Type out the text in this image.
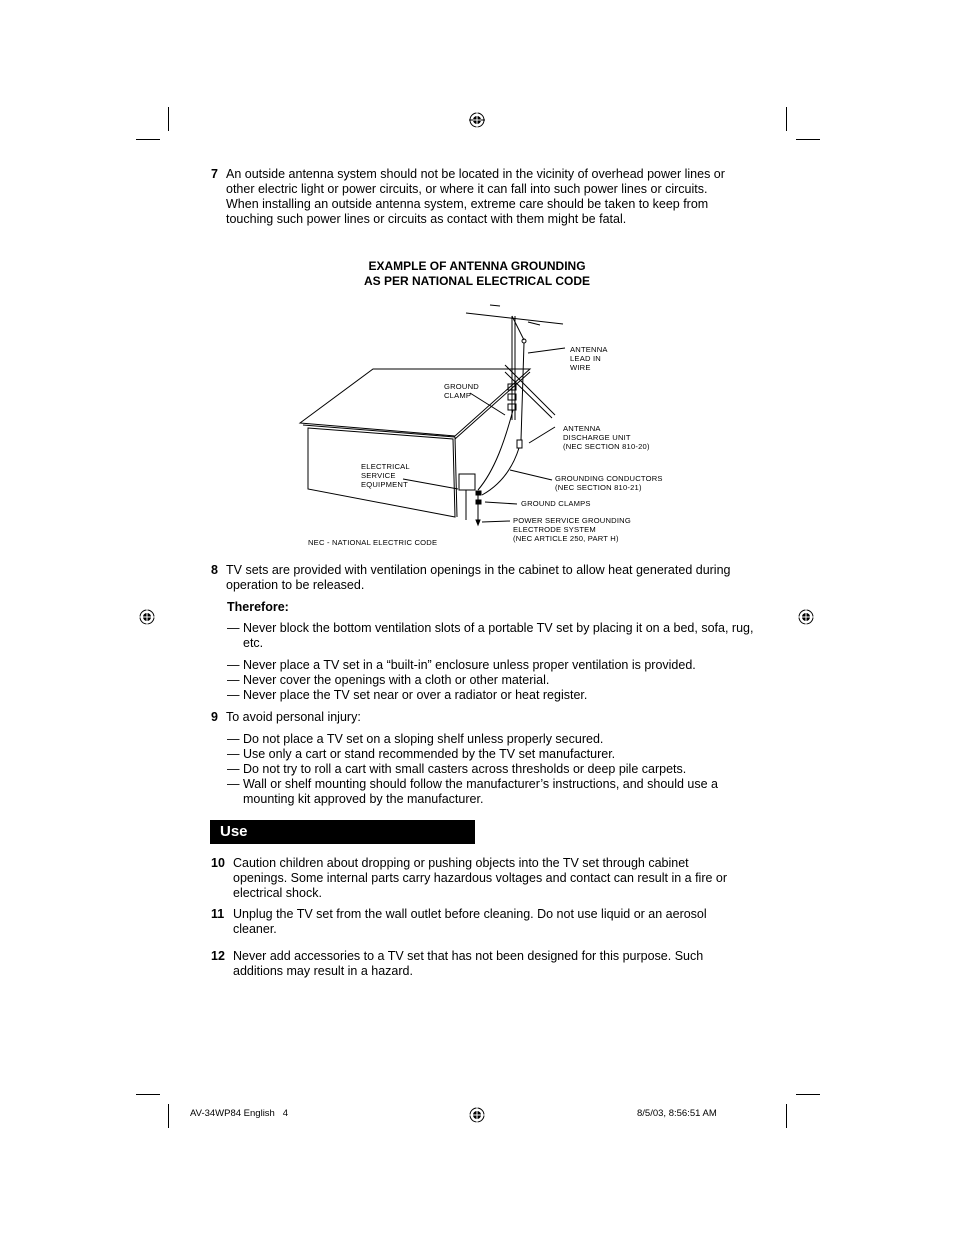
7 An outside antenna system should not be located in the vicinity of overhead power lines or other electric light or power circuits, or where it can fall into such power lines or circuits. When installing an outside antenna system, extreme care should be taken to keep from touching such power lines or circuits as contact with them might be fatal.
EXAMPLE OF ANTENNA GROUNDING
AS PER NATIONAL ELECTRICAL CODE
ANTENNA
LEAD IN
WIRE
GROUND
CLAMP
ANTENNA
DISCHARGE UNIT
(NEC SECTION 810-20)
ELECTRICAL
SERVICE
EQUIPMENT
GROUNDING CONDUCTORS
(NEC SECTION 810-21)
GROUND CLAMPS
POWER SERVICE GROUNDING
ELECTRODE SYSTEM
(NEC ARTICLE 250, PART H)
NEC - NATIONAL ELECTRIC CODE
8 TV sets are provided with ventilation openings in the cabinet to allow heat generated during operation to be released.
Therefore:
— Never block the bottom ventilation slots of a portable TV set by placing it on a bed, sofa, rug, etc.
— Never place a TV set in a “built-in” enclosure unless proper ventilation is provided.
— Never cover the openings with a cloth or other material.
— Never place the TV set near or over a radiator or heat register.
9 To avoid personal injury:
— Do not place a TV set on a sloping shelf unless properly secured.
— Use only a cart or stand recommended by the TV set manufacturer.
— Do not try to roll a cart with small casters across thresholds or deep pile carpets.
— Wall or shelf mounting should follow the manufacturer’s instructions, and should use a mounting kit approved by the manufacturer.
Use
10 Caution children about dropping or pushing objects into the TV set through cabinet openings. Some internal parts carry hazardous voltages and contact can result in a fire or electrical shock.
11 Unplug the TV set from the wall outlet before cleaning. Do not use liquid or an aerosol cleaner.
12 Never add accessories to a TV set that has not been designed for this purpose. Such additions may result in a hazard.
AV-34WP84 English   4	8/5/03, 8:56:51 AM
